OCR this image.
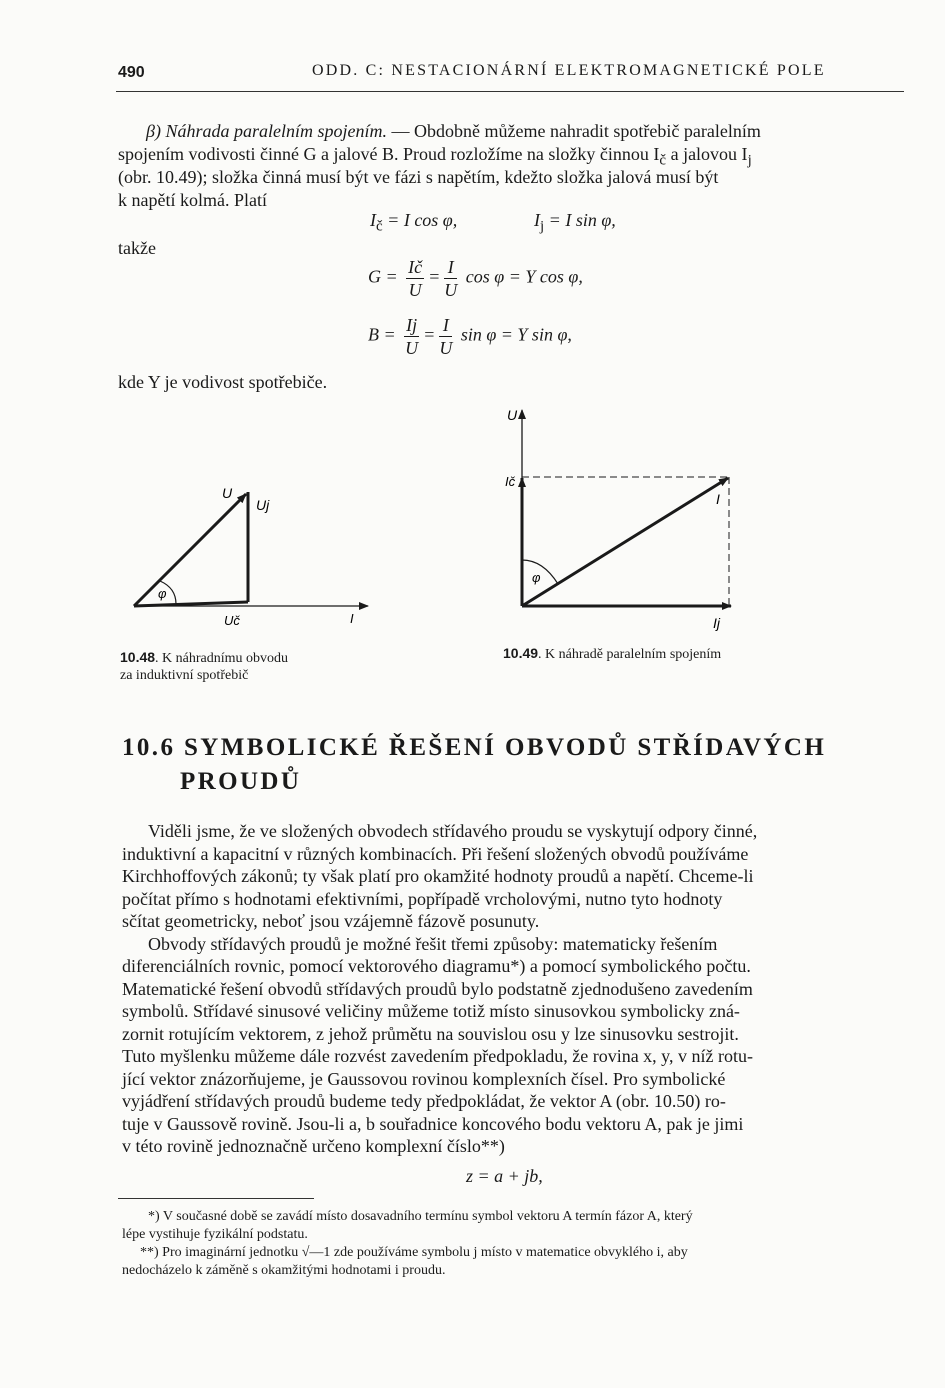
490	ODD. C: NESTACIONÁRNÍ ELEKTROMAGNETICKÉ POLE
β) Náhrada paralelním spojením. — Obdobně můžeme nahradit spotřebič paralelním
spojením vodivosti činné G a jalové B. Proud rozložíme na složky činnou $I_č$ a jalovou $I_j$
(obr. 10.49); složka činná musí být ve fázi s napětím, kdežto složka jalová musí být
k napětí kolmá. Platí
$I_č = I$ cos φ,	$I_j = I$ sin φ,
takže
$G = \frac{Ič}{U} = \frac{I}{U}$ cos φ = Y cos φ,
$B = \frac{Ij}{U} = \frac{I}{U}$ sin φ = Y sin φ,
kde Y je vodivost spotřebiče.
U
Uj
Uč	I
φ
10.48. K náhradnímu obvodu
za induktivní spotřebič
U
Ič
I
Ij
φ
10.49. K náhradě paralelním spojením
10.6 SYMBOLICKÉ ŘEŠENÍ OBVODŮ STŘÍDAVÝCH
PROUDŮ
Viděli jsme, že ve složených obvodech střídavého proudu se vyskytují odpory činné,
induktivní a kapacitní v různých kombinacích. Při řešení složených obvodů používáme
Kirchhoffových zákonů; ty však platí pro okamžité hodnoty proudů a napětí. Chceme-li
počítat přímo s hodnotami efektivními, popřípadě vrcholovými, nutno tyto hodnoty
sčítat geometricky, neboť jsou vzájemně fázově posunuty.
Obvody střídavých proudů je možné řešit třemi způsoby: matematicky řešením
diferenciálních rovnic, pomocí vektorového diagramu*) a pomocí symbolického počtu.
Matematické řešení obvodů střídavých proudů bylo podstatně zjednodušeno zavedením
symbolů. Střídavé sinusové veličiny můžeme totiž místo sinusovkou symbolicky zná-
zornit rotujícím vektorem, z jehož průmětu na souvislou osu y lze sinusovku sestrojit.
Tuto myšlenku můžeme dále rozvést zavedením předpokladu, že rovina x, y, v níž rotu-
jící vektor znázorňujeme, je Gaussovou rovinou komplexních čísel. Pro symbolické
vyjádření střídavých proudů budeme tedy předpokládat, že vektor A (obr. 10.50) ro-
tuje v Gaussově rovině. Jsou-li a, b souřadnice koncového bodu vektoru A, pak je jimi
v této rovině jednoznačně určeno komplexní číslo**)
z = a + jb,
*) V současné době se zavádí místo dosavadního termínu symbol vektoru A termín fázor A, který
lépe vystihuje fyzikální podstatu.
**) Pro imaginární jednotku √—1 zde používáme symbolu j místo v matematice obvyklého i, aby
nedocházelo k záměně s okamžitými hodnotami i proudu.
